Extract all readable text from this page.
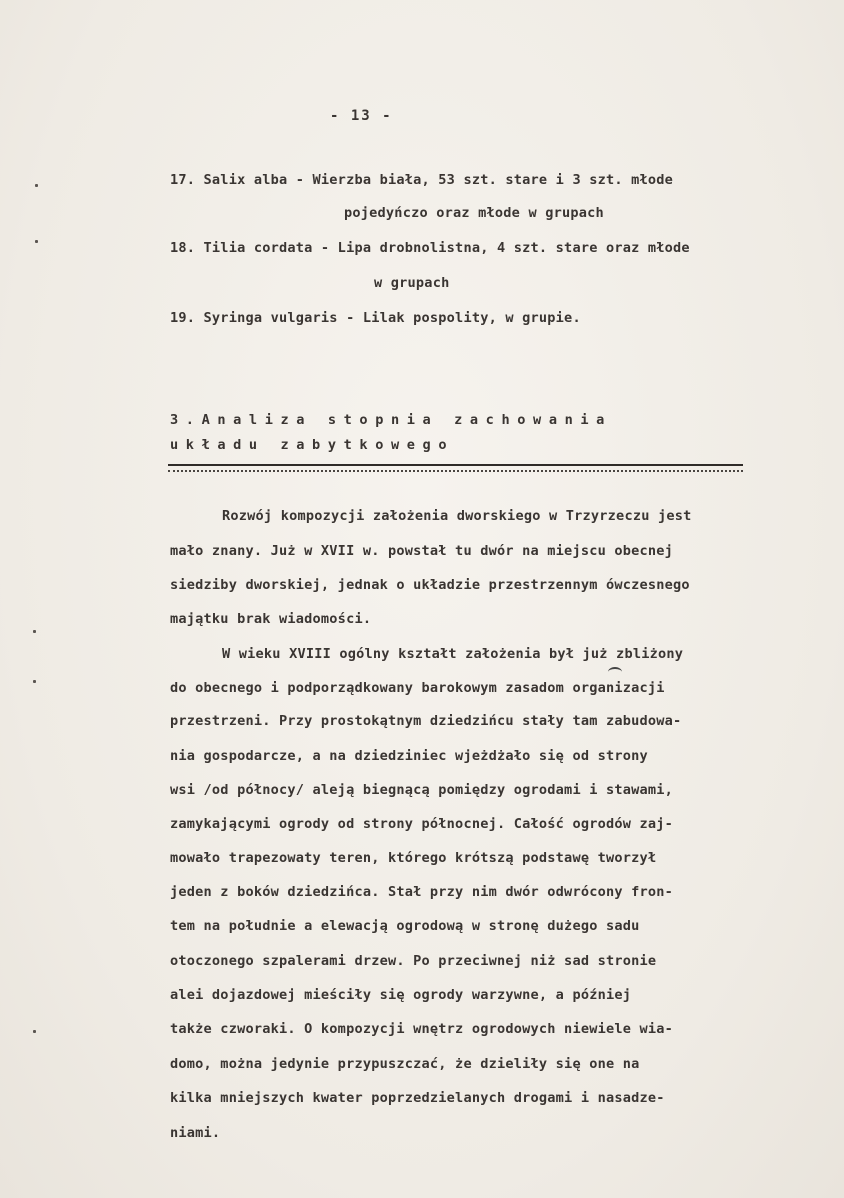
- 13 -
17. Salix alba - Wierzba biała, 53 szt. stare i 3 szt. młode
pojedyńczo oraz młode w grupach
18. Tilia cordata - Lipa drobnolistna, 4 szt. stare oraz młode
w grupach
19. Syringa vulgaris - Lilak pospolity, w grupie.
3.Analiza stopnia zachowania
układu zabytkowego
Rozwój kompozycji założenia dworskiego w Trzyrzeczu jest
mało znany. Już w XVII w. powstał tu dwór na miejscu obecnej
siedziby dworskiej, jednak o układzie przestrzennym ówczesnego
majątku brak wiadomości.
W wieku XVIII ogólny kształt założenia był już zbliżony
do obecnego i podporządkowany barokowym zasadom organizacji
przestrzeni. Przy prostokątnym dziedzińcu stały tam zabudowa-
nia gospodarcze, a na dziedziniec wjeżdżało się od strony
wsi /od północy/ aleją biegnącą pomiędzy ogrodami i stawami,
zamykającymi ogrody od strony północnej. Całość ogrodów zaj-
mowało trapezowaty teren, którego krótszą podstawę tworzył
jeden z boków dziedzińca. Stał przy nim dwór odwrócony fron-
tem na południe a elewacją ogrodową w stronę dużego sadu
otoczonego szpalerami drzew. Po przeciwnej niż sad stronie
alei dojazdowej mieściły się ogrody warzywne, a później
także czworaki. O kompozycji wnętrz ogrodowych niewiele wia-
domo, można jedynie przypuszczać, że dzieliły się one na
kilka mniejszych kwater poprzedzielanych drogami i nasadze-
niami.
